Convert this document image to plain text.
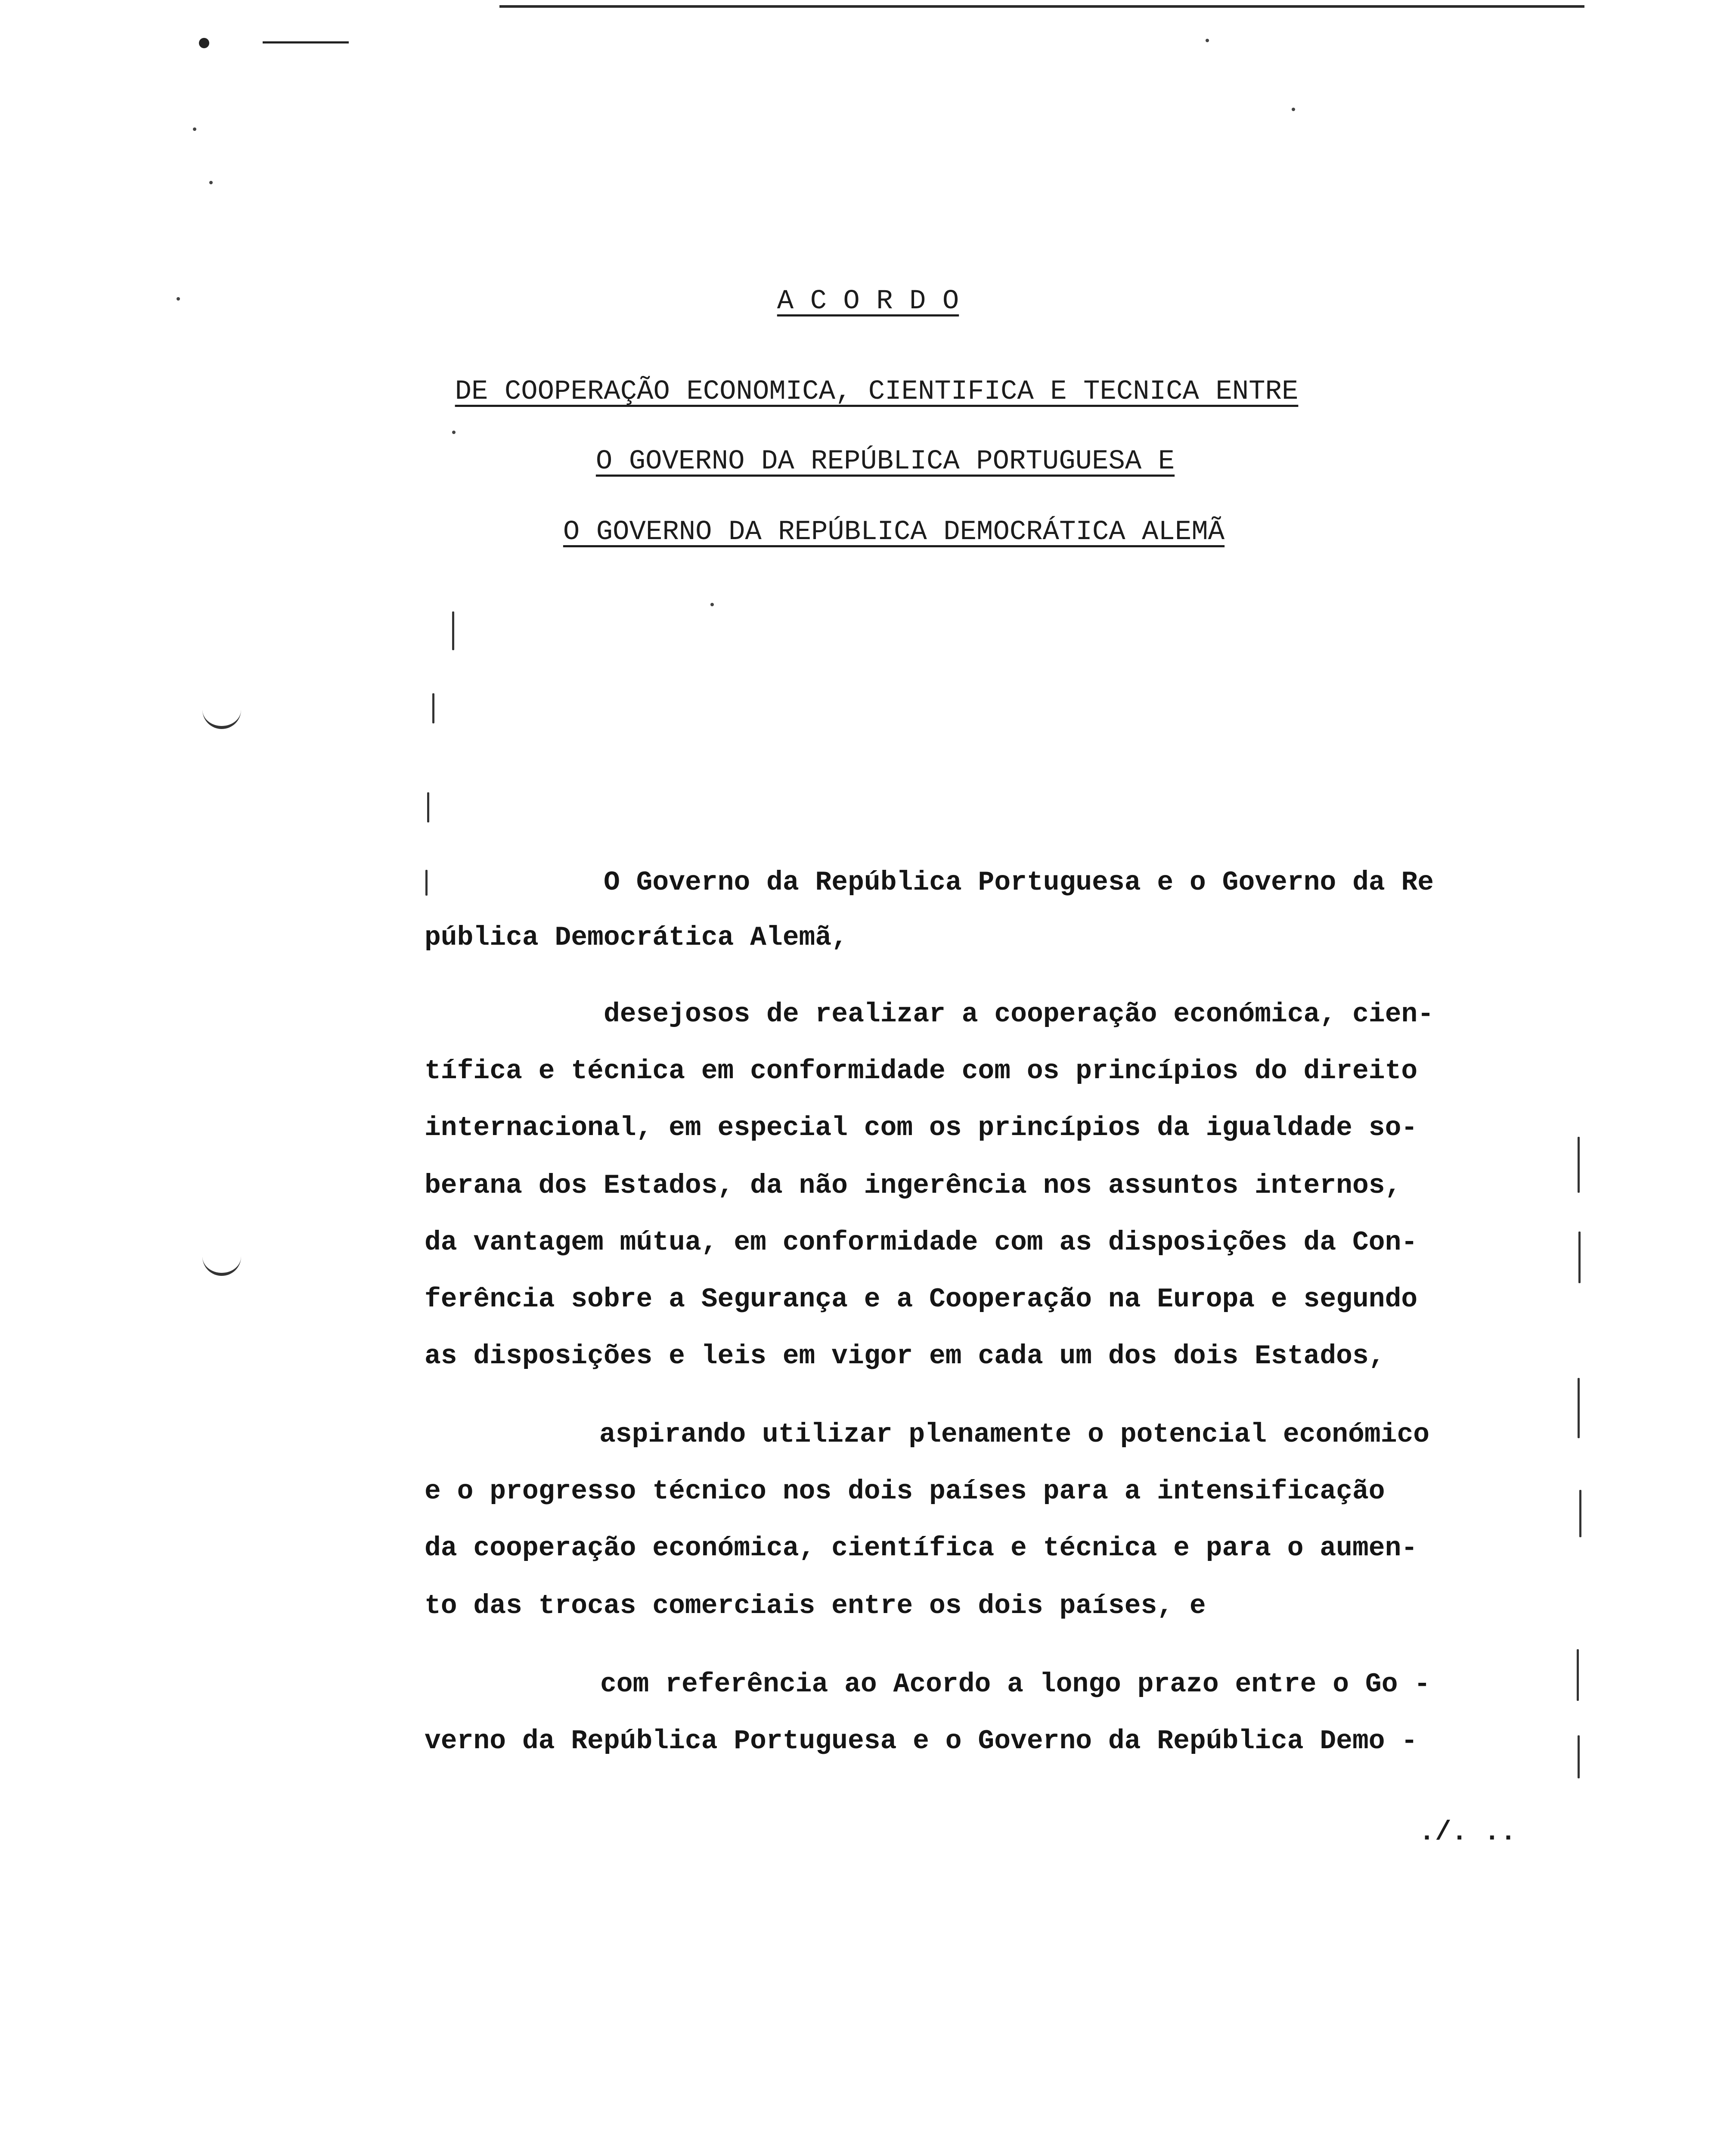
A C O R D O
DE COOPERAÇÃO ECONOMICA, CIENTIFICA E TECNICA ENTRE
O GOVERNO DA REPÚBLICA PORTUGUESA E
O GOVERNO DA REPÚBLICA DEMOCRÁTICA ALEMÃ
O Governo da República Portuguesa e o Governo da Re
pública Democrática Alemã,
desejosos de realizar a cooperação económica, cien-
tífica e técnica em conformidade com os princípios do direito
internacional, em especial com os princípios da igualdade so-
berana dos Estados, da não ingerência nos assuntos internos,
da vantagem mútua, em conformidade com as disposições da Con-
ferência sobre a Segurança e a Cooperação na Europa e segundo
as disposições e leis em vigor em cada um dos dois Estados,
aspirando utilizar plenamente o potencial económico
e o progresso técnico nos dois países para a intensificação
da cooperação económica, científica e técnica e para o aumen-
to das trocas comerciais entre os dois países, e
com referência ao Acordo a longo prazo entre o Go -
verno da República Portuguesa e o Governo da República Demo -
./. ..
